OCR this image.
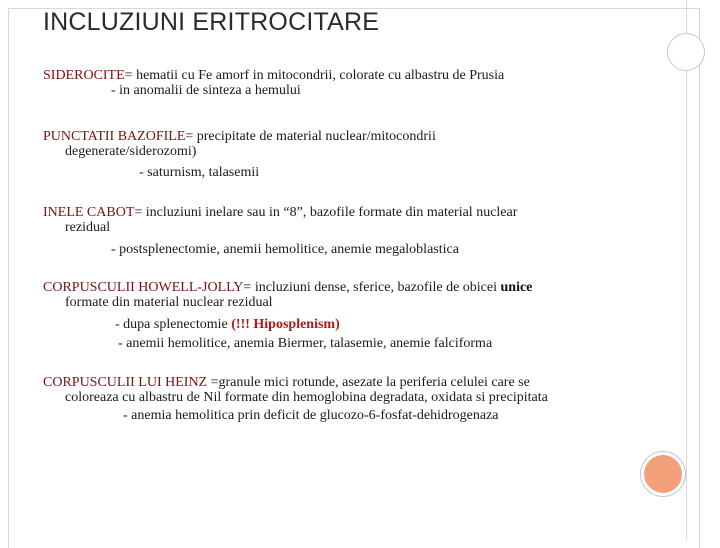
INCLUZIUNI ERITROCITARE

SIDEROCITE= hematii cu Fe amorf in mitocondrii, colorate cu albastru de Prusia

- in anomalii de sinteza a hemului

PUNCTATII BAZOFILE= precipitate de material nuclear/mitocondrii

degenerate/siderozomi)

- saturnism, talasemii

INELE CABOT= incluziuni inelare sau in “8”, bazofile formate din material nuclear

rezidual

- postsplenectomie, anemii hemolitice, anemie megaloblastica

CORPUSCULII HOWELL-JOLLY= incluziuni dense, sferice, bazofile de obicei unice

formate din material nuclear rezidual

- dupa splenectomie (!!! Hiposplenism)

- anemii hemolitice, anemia Biermer, talasemie, anemie falciforma

CORPUSCULII LUI HEINZ =granule mici rotunde, asezate la periferia celulei care se

coloreaza cu albastru de Nil formate din hemoglobina degradata, oxidata si precipitata

- anemia hemolitica prin deficit de glucozo-6-fosfat-dehidrogenaza
